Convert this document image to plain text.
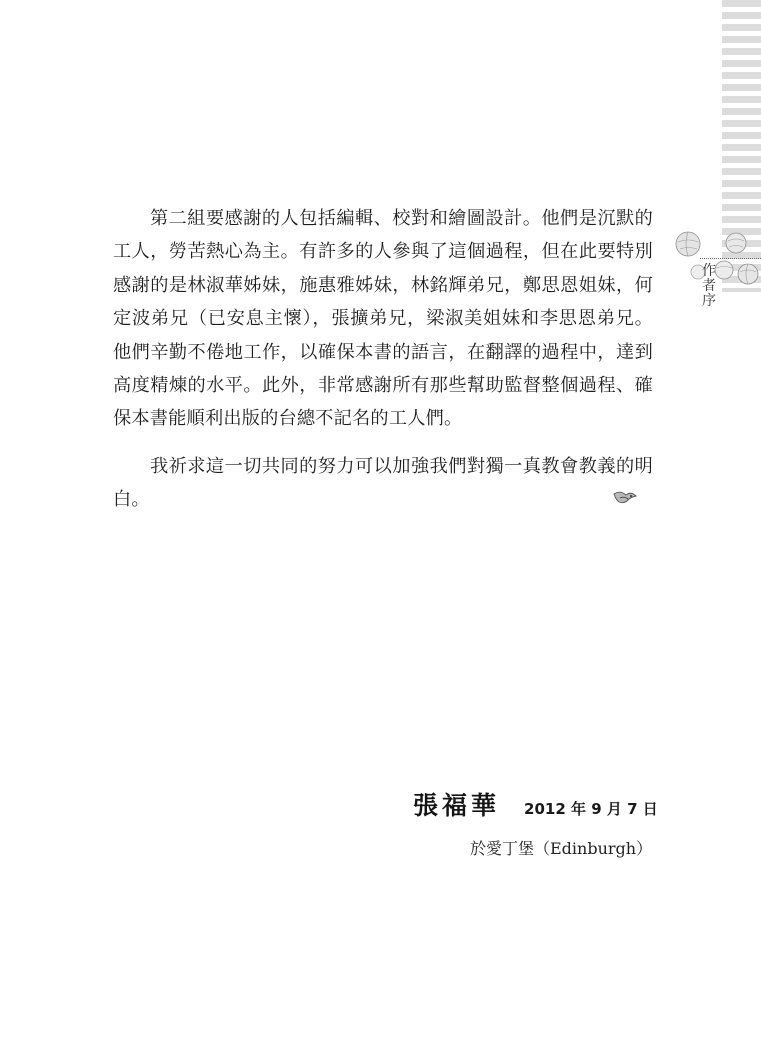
作者序

第二組要感謝的人包括編輯、校對和繪圖設計。他們是沉默的工人，勞苦熱心為主。有許多的人參與了這個過程，但在此要特別感謝的是林淑華姊妹，施惠雅姊妹，林銘輝弟兄，鄭思恩姐妹，何定波弟兄（已安息主懷），張擴弟兄，梁淑美姐妹和李思恩弟兄。他們辛勤不倦地工作，以確保本書的語言，在翻譯的過程中，達到高度精煉的水平。此外，非常感謝所有那些幫助監督整個過程、確保本書能順利出版的台總不記名的工人們。

我祈求這一切共同的努力可以加強我們對獨一真教會教義的明白。

張福華 2012 年 9 月 7 日
於愛丁堡（Edinburgh）
